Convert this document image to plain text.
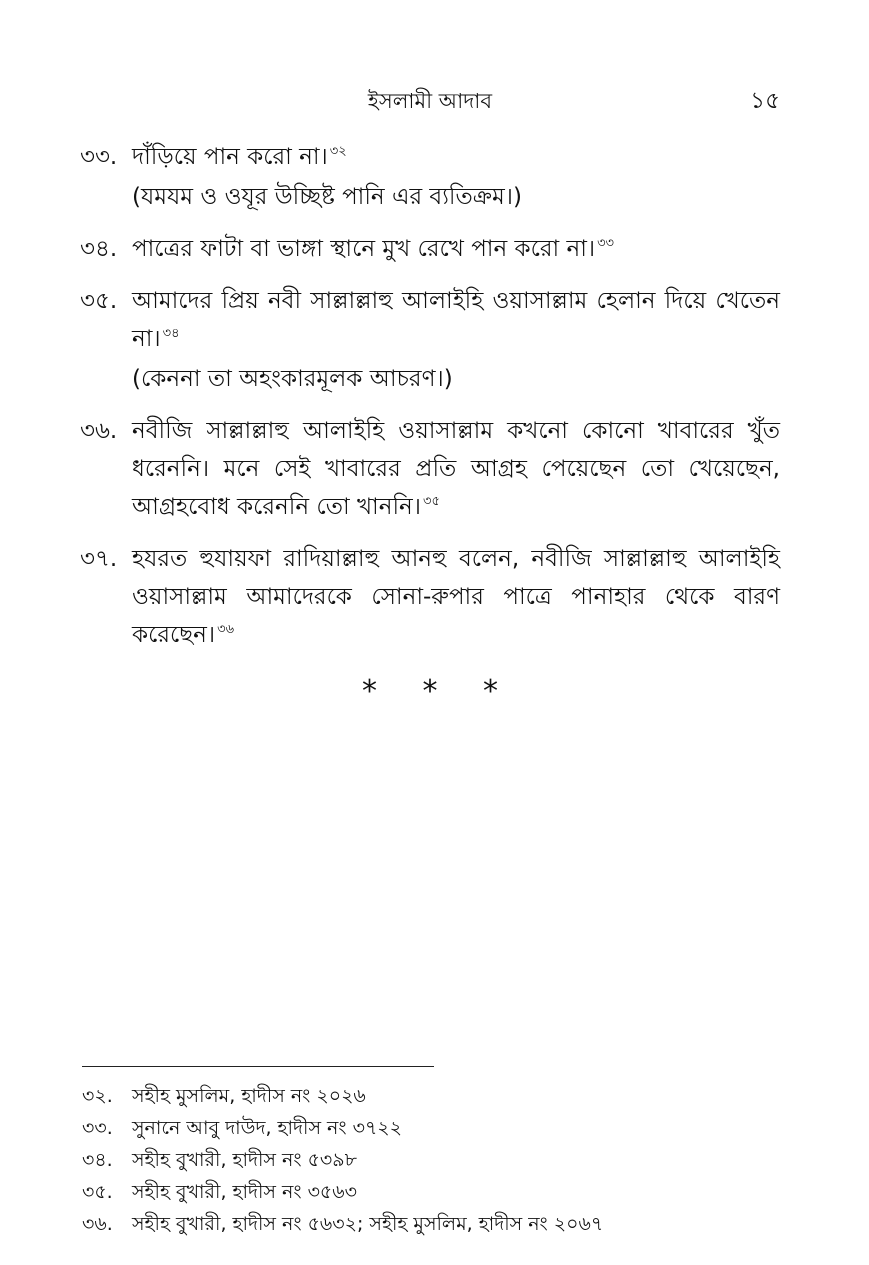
ইসলামী আদাব	১৫
৩৩. দাঁড়িয়ে পান করো না। $^{৩২}$
(যমযম ও ওযূর উচ্ছিষ্ট পানি এর ব্যতিক্রম।)
৩৪. পাত্রের ফাটা বা ভাঙ্গা স্থানে মুখ রেখে পান করো না। $^{৩৩}$
৩৫. আমাদের প্রিয় নবী সাল্লাল্লাহু আলাইহি ওয়াসাল্লাম হেলান দিয়ে খেতেন না। $^{৩৪}$
(কেননা তা অহংকারমূলক আচরণ।)
৩৬. নবীজি সাল্লাল্লাহু আলাইহি ওয়াসাল্লাম কখনো কোনো খাবারের খুঁত ধরেননি। মনে সেই খাবারের প্রতি আগ্রহ পেয়েছেন তো খেয়েছেন, আগ্রহবোধ করেননি তো খাননি। $^{৩৫}$
৩৭. হযরত হুযায়ফা রাদিয়াল্লাহু আনহু বলেন, নবীজি সাল্লাল্লাহু আলাইহি ওয়াসাল্লাম আমাদেরকে সোনা-রুপার পাত্রে পানাহার থেকে বারণ করেছেন। $^{৩৬}$
* * *
৩২. সহীহ মুসলিম, হাদীস নং ২০২৬
৩৩. সুনানে আবু দাউদ, হাদীস নং ৩৭২২
৩৪. সহীহ বুখারী, হাদীস নং ৫৩৯৮
৩৫. সহীহ বুখারী, হাদীস নং ৩৫৬৩
৩৬. সহীহ বুখারী, হাদীস নং ৫৬৩২; সহীহ মুসলিম, হাদীস নং ২০৬৭
